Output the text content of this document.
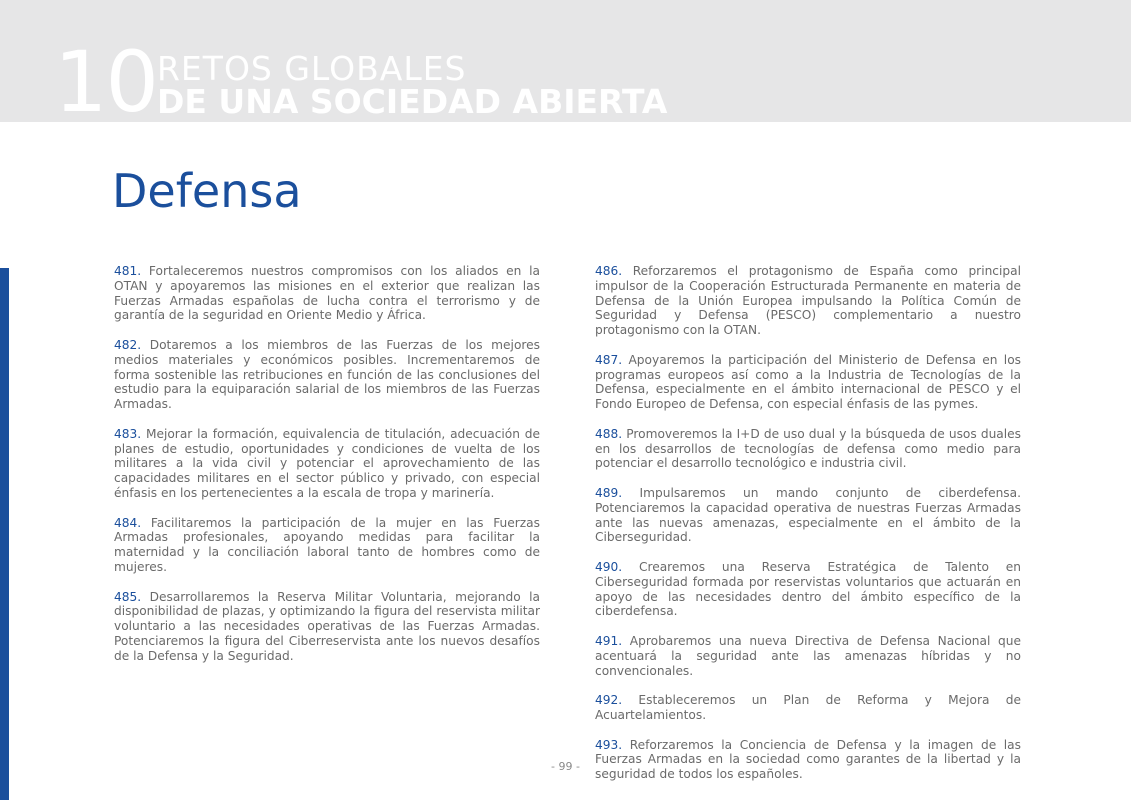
10 RETOS GLOBALES
DE UNA SOCIEDAD ABIERTA
Defensa

481. Fortaleceremos nuestros compromisos con los aliados en la OTAN y apoyaremos las misiones en el exterior que realizan las Fuerzas Armadas españolas de lucha contra el terrorismo y de garantía de la seguridad en Oriente Medio y África.

482. Dotaremos a los miembros de las Fuerzas de los mejores medios materiales y económicos posibles. Incrementaremos de forma sostenible las retribuciones en función de las conclusiones del estudio para la equiparación salarial de los miembros de las Fuerzas Armadas.

483. Mejorar la formación, equivalencia de titulación, adecuación de planes de estudio, oportunidades y condiciones de vuelta de los militares a la vida civil y potenciar el aprovechamiento de las capacidades militares en el sector público y privado, con especial énfasis en los pertenecientes a la escala de tropa y marinería.

484. Facilitaremos la participación de la mujer en las Fuerzas Armadas profesionales, apoyando medidas para facilitar la maternidad y la conciliación laboral tanto de hombres como de mujeres.

485. Desarrollaremos la Reserva Militar Voluntaria, mejorando la disponibilidad de plazas, y optimizando la figura del reservista militar voluntario a las necesidades operativas de las Fuerzas Armadas. Potenciaremos la figura del Ciberreservista ante los nuevos desafíos de la Defensa y la Seguridad.

486. Reforzaremos el protagonismo de España como principal impulsor de la Cooperación Estructurada Permanente en materia de Defensa de la Unión Europea impulsando la Política Común de Seguridad y Defensa (PESCO) complementario a nuestro protagonismo con la OTAN.

487. Apoyaremos la participación del Ministerio de Defensa en los programas europeos así como a la Industria de Tecnologías de la Defensa, especialmente en el ámbito internacional de PESCO y el Fondo Europeo de Defensa, con especial énfasis de las pymes.

488. Promoveremos la I+D de uso dual y la búsqueda de usos duales en los desarrollos de tecnologías de defensa como medio para potenciar el desarrollo tecnológico e industria civil.

489. Impulsaremos un mando conjunto de ciberdefensa. Potenciaremos la capacidad operativa de nuestras Fuerzas Armadas ante las nuevas amenazas, especialmente en el ámbito de la Ciberseguridad.

490. Crearemos una Reserva Estratégica de Talento en Ciberseguridad formada por reservistas voluntarios que actuarán en apoyo de las necesidades dentro del ámbito específico de la ciberdefensa.

491. Aprobaremos una nueva Directiva de Defensa Nacional que acentuará la seguridad ante las amenazas híbridas y no convencionales.

492. Estableceremos un Plan de Reforma y Mejora de Acuartelamientos.

493. Reforzaremos la Conciencia de Defensa y la imagen de las Fuerzas Armadas en la sociedad como garantes de la libertad y la seguridad de todos los españoles.

- 99 -
